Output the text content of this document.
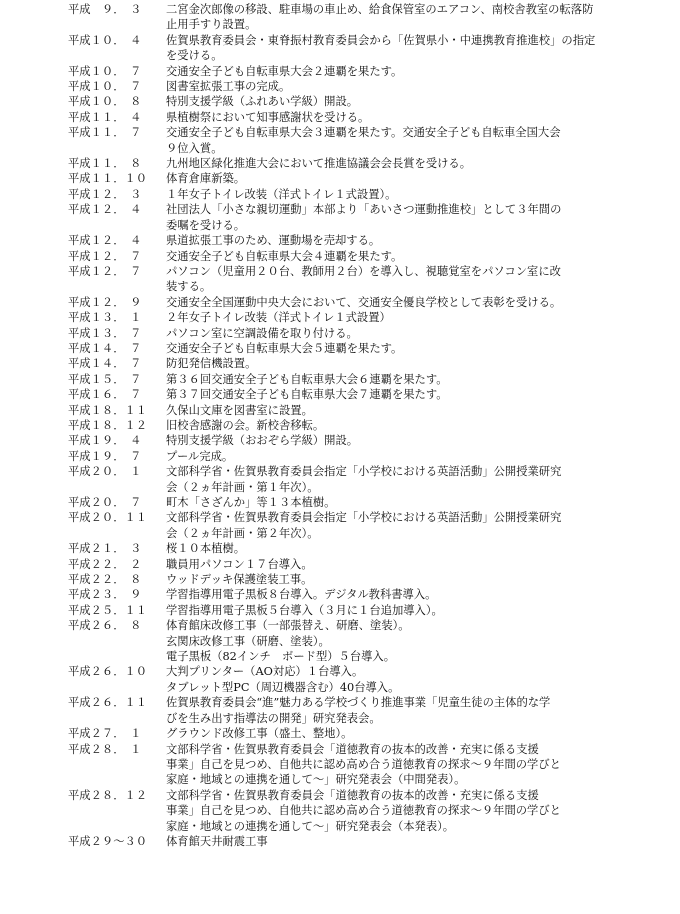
平成　９．　３	二宮金次郎像の移設、駐車場の車止め、給食保管室のエアコン、南校舎教室の転落防
止用手すり設置。
平成１０．　４	佐賀県教育委員会・東脊振村教育委員会から「佐賀県小・中連携教育推進校」の指定
を受ける。
平成１０．　７	交通安全子ども自転車県大会２連覇を果たす。
平成１０．　７	図書室拡張工事の完成。
平成１０．　８	特別支援学級（ふれあい学級）開設。
平成１１．　４	県植樹祭において知事感謝状を受ける。
平成１１．　７	交通安全子ども自転車県大会３連覇を果たす。交通安全子ども自転車全国大会
９位入賞。
平成１１．　８	九州地区緑化推進大会において推進協議会会長賞を受ける。
平成１１．１０	体育倉庫新築。
平成１２．　３	１年女子トイレ改装（洋式トイレ１式設置）。
平成１２．　４	社団法人「小さな親切運動」本部より「あいさつ運動推進校」として３年間の
委嘱を受ける。
平成１２．　４	県道拡張工事のため、運動場を売却する。
平成１２．　７	交通安全子ども自転車県大会４連覇を果たす。
平成１２．　７	パソコン（児童用２０台、教師用２台）を導入し、視聴覚室をパソコン室に改
装する。
平成１２．　９	交通安全全国運動中央大会において、交通安全優良学校として表彰を受ける。
平成１３．　１	２年女子トイレ改装（洋式トイレ１式設置）
平成１３．　７	パソコン室に空調設備を取り付ける。
平成１４．　７	交通安全子ども自転車県大会５連覇を果たす。
平成１４．　７	防犯発信機設置。
平成１５．　７	第３６回交通安全子ども自転車県大会６連覇を果たす。
平成１６．　７	第３７回交通安全子ども自転車県大会７連覇を果たす。
平成１８．１１	久保山文庫を図書室に設置。
平成１８．１２	旧校舎感謝の会。新校舎移転。
平成１９．　４	特別支援学級（おおぞら学級）開設。
平成１９．　７	プール完成。
平成２０．　１	文部科学省・佐賀県教育委員会指定「小学校における英語活動」公開授業研究
会（２ヵ年計画・第１年次）。
平成２０．　７	町木「さざんか」等１３本植樹。
平成２０．１１	文部科学省・佐賀県教育委員会指定「小学校における英語活動」公開授業研究
会（２ヵ年計画・第２年次）。
平成２１．　３	桜１０本植樹。
平成２２．　２	職員用パソコン１７台導入。
平成２２．　８	ウッドデッキ保護塗装工事。
平成２３．　９	学習指導用電子黒板８台導入。デジタル教科書導入。
平成２５．１１	学習指導用電子黒板５台導入（３月に１台追加導入）。
平成２６．　８	体育館床改修工事（一部張替え、研磨、塗装）。
玄関床改修工事（研磨、塗装）。
電子黒板（82インチ　ボード型）５台導入。
平成２６．１０	大判プリンター（AO対応）１台導入。
タブレット型PC（周辺機器含む）40台導入。
平成２６．１１	佐賀県教育委員会“進”魅力ある学校づくり推進事業「児童生徒の主体的な学
びを生み出す指導法の開発」研究発表会。
平成２７．　１	グラウンド改修工事（盛土、整地）。
平成２８．　１	文部科学省・佐賀県教育委員会「道徳教育の抜本的改善・充実に係る支援
事業」自己を見つめ、自他共に認め高め合う道徳教育の探求～９年間の学びと
家庭・地域との連携を通して～」研究発表会（中間発表）。
平成２８．１２	文部科学省・佐賀県教育委員会「道徳教育の抜本的改善・充実に係る支援
事業」自己を見つめ、自他共に認め高め合う道徳教育の探求～９年間の学びと
家庭・地域との連携を通して～」研究発表会（本発表）。
平成２９～３０	体育館天井耐震工事
